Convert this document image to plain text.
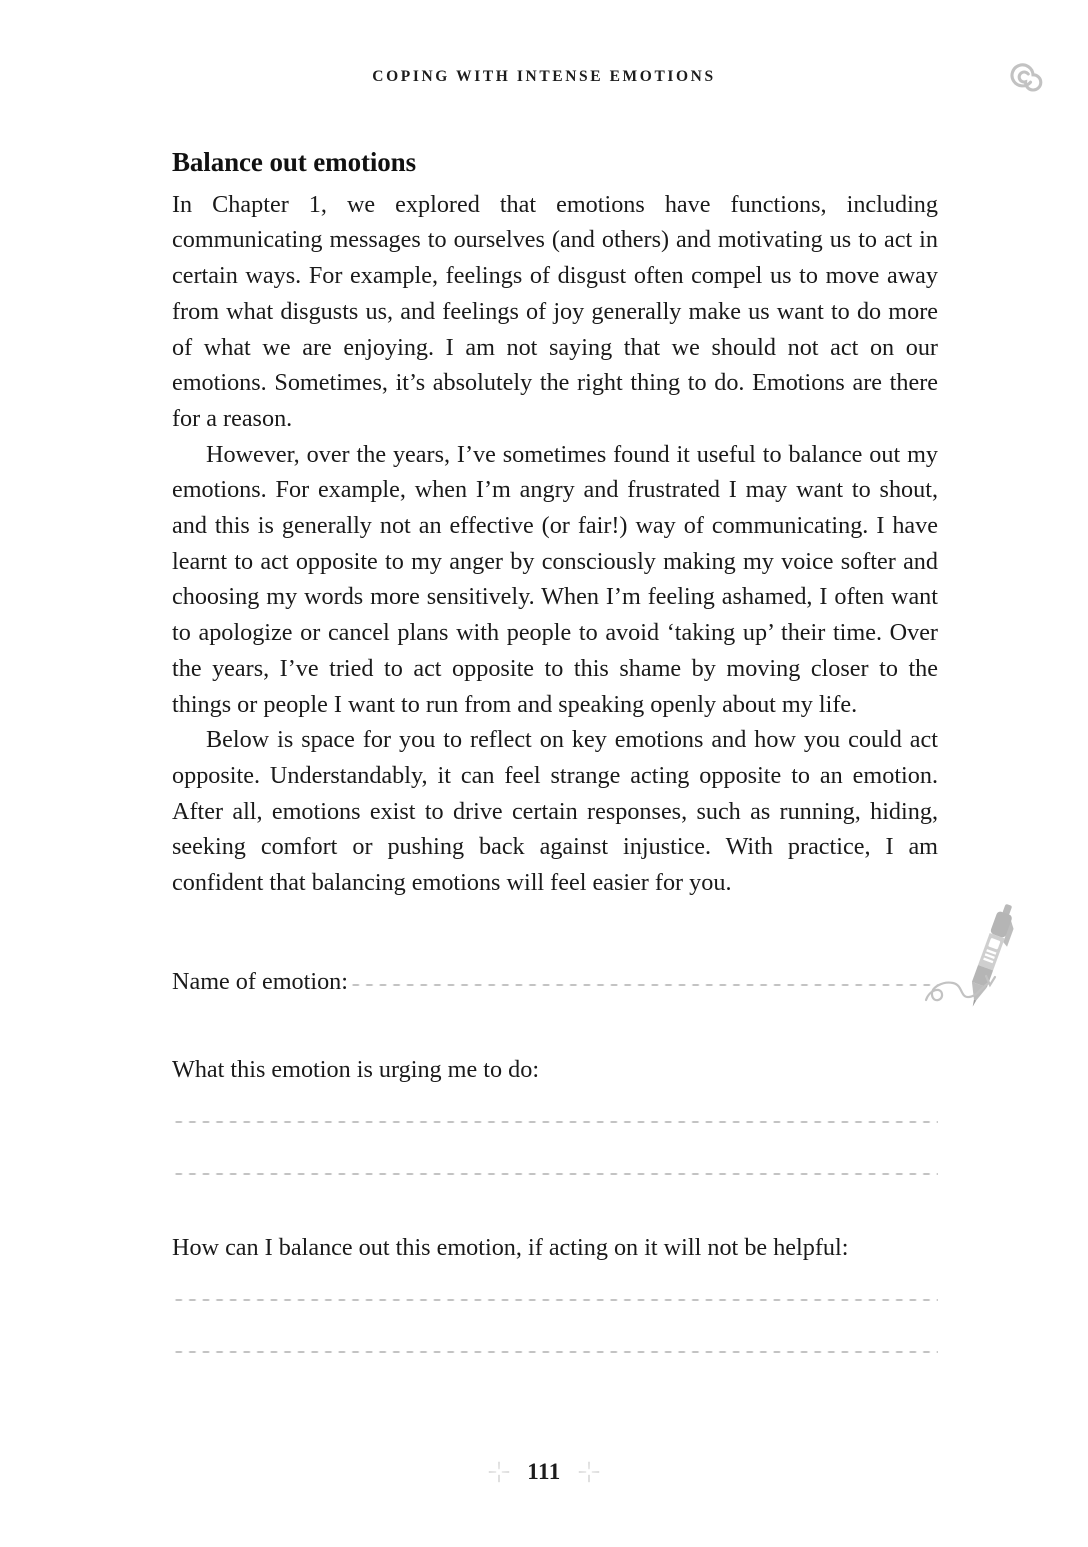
COPING WITH INTENSE EMOTIONS
Balance out emotions

In Chapter 1, we explored that emotions have functions, including communicating messages to ourselves (and others) and motivating us to act in certain ways. For example, feelings of disgust often compel us to move away from what disgusts us, and feelings of joy generally make us want to do more of what we are enjoying. I am not saying that we should not act on our emotions. Sometimes, it’s absolutely the right thing to do. Emotions are there for a reason.

However, over the years, I’ve sometimes found it useful to balance out my emotions. For example, when I’m angry and frustrated I may want to shout, and this is generally not an effective (or fair!) way of communicating. I have learnt to act opposite to my anger by consciously making my voice softer and choosing my words more sensitively. When I’m feeling ashamed, I often want to apologize or cancel plans with people to avoid ‘taking up’ their time. Over the years, I’ve tried to act opposite to this shame by moving closer to the things or people I want to run from and speaking openly about my life.

Below is space for you to reflect on key emotions and how you could act opposite. Understandably, it can feel strange acting opposite to an emotion. After all, emotions exist to drive certain responses, such as running, hiding, seeking comfort or pushing back against injustice. With practice, I am confident that balancing emotions will feel easier for you.

Name of emotion:
What this emotion is urging me to do:
How can I balance out this emotion, if acting on it will not be helpful:
111
